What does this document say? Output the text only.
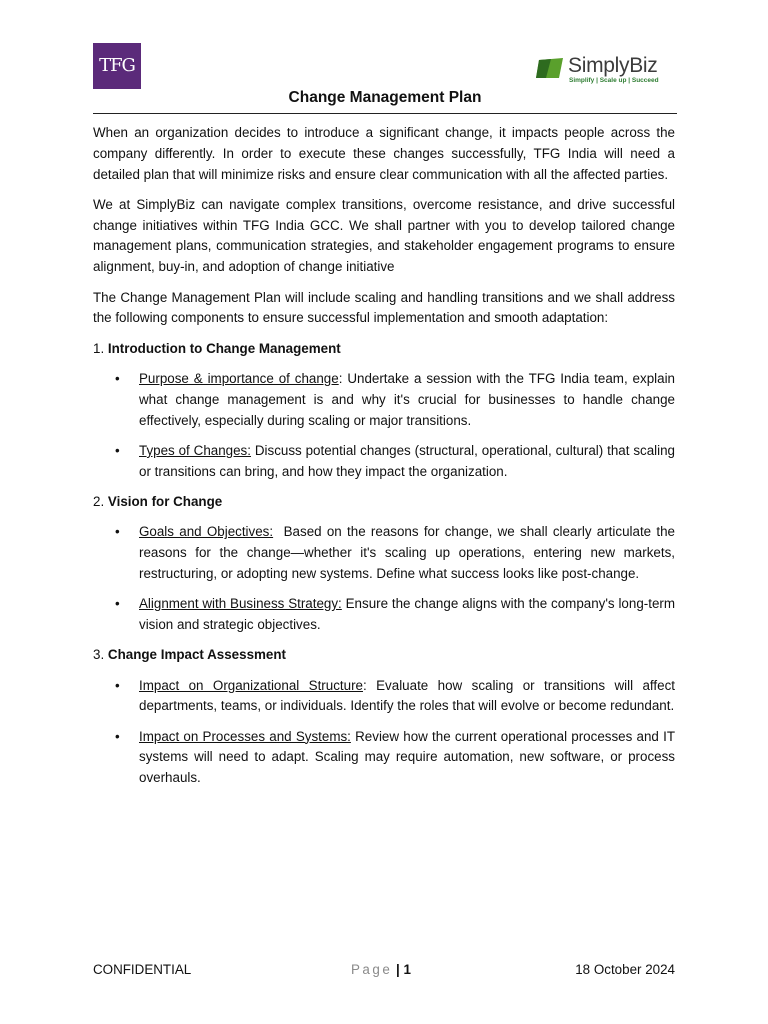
TFG	SimplyBiz
Simplify | Scale up | Succeed
Change Management Plan

When an organization decides to introduce a significant change, it impacts people across the company differently. In order to execute these changes successfully, TFG India will need a detailed plan that will minimize risks and ensure clear communication with all the affected parties.

We at SimplyBiz can navigate complex transitions, overcome resistance, and drive successful change initiatives within TFG India GCC. We shall partner with you to develop tailored change management plans, communication strategies, and stakeholder engagement programs to ensure alignment, buy-in, and adoption of change initiative

The Change Management Plan will include scaling and handling transitions and we shall address the following components to ensure successful implementation and smooth adaptation:

1. Introduction to Change Management
• Purpose & importance of change: Undertake a session with the TFG India team, explain what change management is and why it's crucial for businesses to handle change effectively, especially during scaling or major transitions.
• Types of Changes: Discuss potential changes (structural, operational, cultural) that scaling or transitions can bring, and how they impact the organization.
2. Vision for Change
• Goals and Objectives:  Based on the reasons for change, we shall clearly articulate the reasons for the change—whether it's scaling up operations, entering new markets, restructuring, or adopting new systems. Define what success looks like post-change.
• Alignment with Business Strategy: Ensure the change aligns with the company's long-term vision and strategic objectives.
3. Change Impact Assessment
• Impact on Organizational Structure: Evaluate how scaling or transitions will affect departments, teams, or individuals. Identify the roles that will evolve or become redundant.
• Impact on Processes and Systems: Review how the current operational processes and IT systems will need to adapt. Scaling may require automation, new software, or process overhauls.
CONFIDENTIAL	Page | 1	18 October 2024
